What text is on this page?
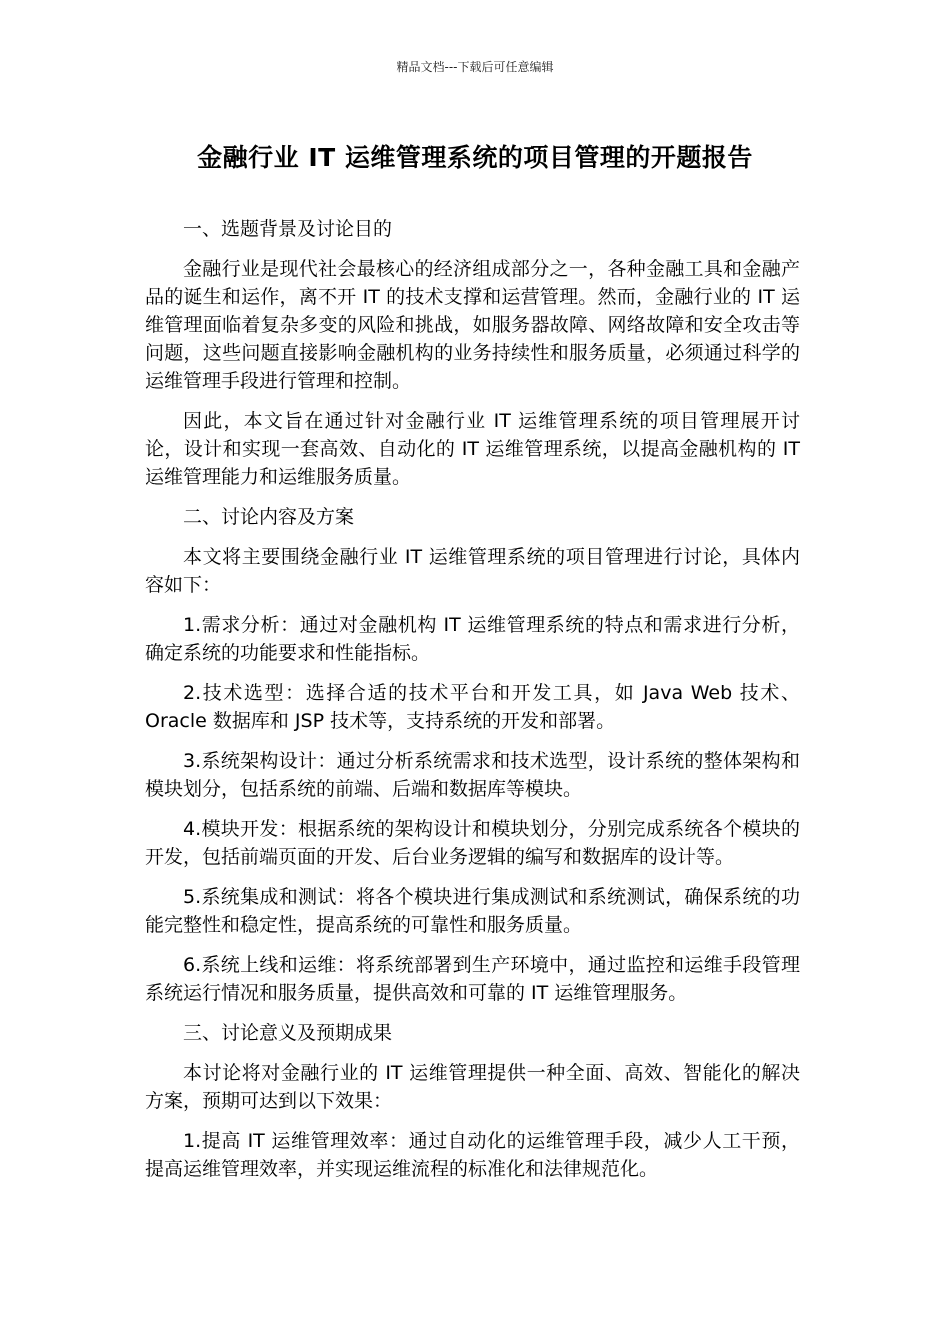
精品文档---下载后可任意编辑
金融行业 IT 运维管理系统的项目管理的开题报告

一、选题背景及讨论目的

金融行业是现代社会最核心的经济组成部分之一，各种金融工具和金融产品的诞生和运作，离不开 IT 的技术支撑和运营管理。然而，金融行业的 IT 运维管理面临着复杂多变的风险和挑战，如服务器故障、网络故障和安全攻击等问题，这些问题直接影响金融机构的业务持续性和服务质量，必须通过科学的运维管理手段进行管理和控制。

因此，本文旨在通过针对金融行业 IT 运维管理系统的项目管理展开讨论，设计和实现一套高效、自动化的 IT 运维管理系统，以提高金融机构的 IT 运维管理能力和运维服务质量。

二、讨论内容及方案

本文将主要围绕金融行业 IT 运维管理系统的项目管理进行讨论，具体内容如下：

1.需求分析：通过对金融机构 IT 运维管理系统的特点和需求进行分析，确定系统的功能要求和性能指标。

2.技术选型：选择合适的技术平台和开发工具，如 Java Web 技术、Oracle 数据库和 JSP 技术等，支持系统的开发和部署。

3.系统架构设计：通过分析系统需求和技术选型，设计系统的整体架构和模块划分，包括系统的前端、后端和数据库等模块。

4.模块开发：根据系统的架构设计和模块划分，分别完成系统各个模块的开发，包括前端页面的开发、后台业务逻辑的编写和数据库的设计等。

5.系统集成和测试：将各个模块进行集成测试和系统测试，确保系统的功能完整性和稳定性，提高系统的可靠性和服务质量。

6.系统上线和运维：将系统部署到生产环境中，通过监控和运维手段管理系统运行情况和服务质量，提供高效和可靠的 IT 运维管理服务。

三、讨论意义及预期成果

本讨论将对金融行业的 IT 运维管理提供一种全面、高效、智能化的解决方案，预期可达到以下效果：

1.提高 IT 运维管理效率：通过自动化的运维管理手段，减少人工干预，提高运维管理效率，并实现运维流程的标准化和法律规范化。
